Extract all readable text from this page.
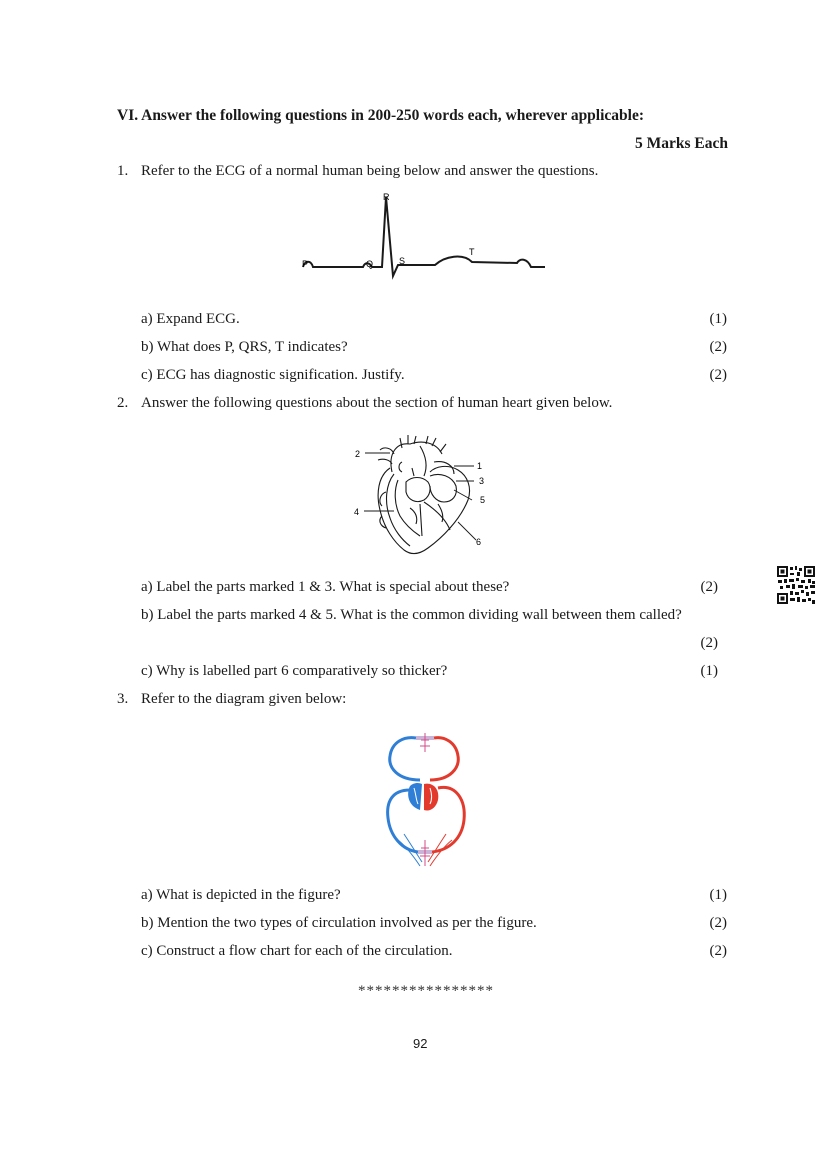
VI. Answer the following questions in 200-250 words each, wherever applicable:
5 Marks Each
1. Refer to the ECG of a normal human being below and answer the questions.
P	Q
R
S
T
a) Expand ECG.	(1)
b) What does P, QRS, T indicates?	(2)
c) ECG has diagnostic signification. Justify.	(2)
2. Answer the following questions about the section of human heart given below.
2
1
3
5
4
6
a) Label the parts marked 1 & 3. What is special about these?	(2)
b) Label the parts marked 4 & 5. What is the common dividing wall between them called?
(2)
c) Why is labelled part 6 comparatively so thicker?	(1)
3. Refer to the diagram given below:
a) What is depicted in the figure?	(1)
b) Mention the two types of circulation involved as per the figure.	(2)
c) Construct a flow chart for each of the circulation.	(2)
****************
92
